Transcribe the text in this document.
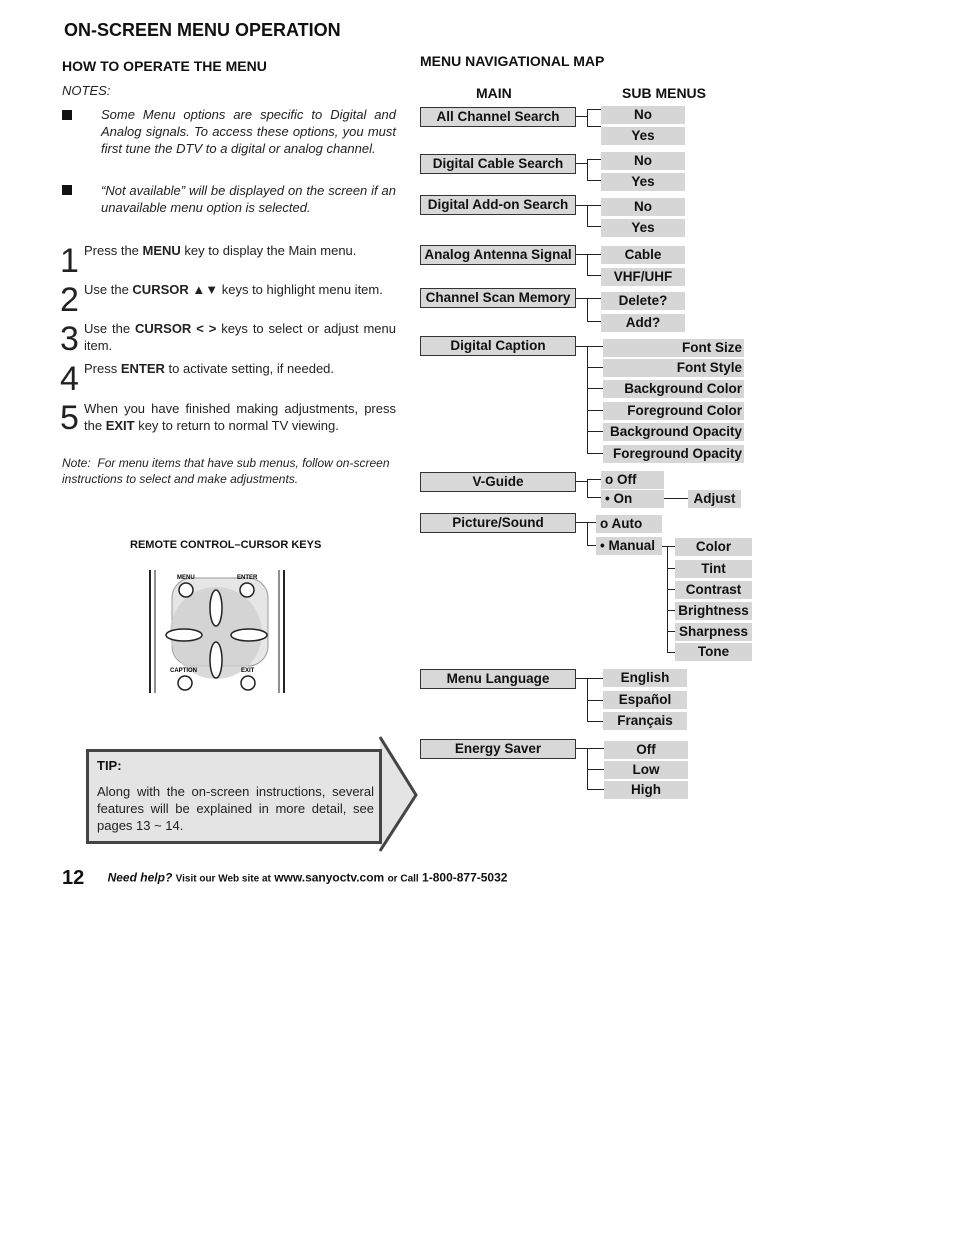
ON-SCREEN MENU OPERATION
HOW TO OPERATE THE MENU
NOTES:
Some Menu options are specific to Digital and Analog signals. To access these options, you must first tune the DTV to a digital or analog channel.
“Not available” will be displayed on the screen if an unavailable menu option is selected.
1 Press the MENU key to display the Main menu.
2 Use the CURSOR ▲▼ keys to highlight menu item.
3 Use the CURSOR < > keys to select or adjust menu item.
4 Press ENTER to activate setting, if needed.
5 When you have finished making adjustments, press the EXIT key to return to normal TV viewing.
Note: For menu items that have sub menus, follow on-screen instructions to select and make adjustments.
REMOTE CONTROL–CURSOR KEYS
MENU	ENTER
CAPTION	EXIT
TIP:
Along with the on-screen instructions, several features will be explained in more detail, see pages 13 ~ 14.
12 Need help? Visit our Web site at www.sanyoctv.com or Call 1-800-877-5032
MENU NAVIGATIONAL MAP
MAIN	SUB MENUS
All Channel Search	No
Yes
Digital Cable Search	No
Yes
Digital Add-on Search	No
Yes
Analog Antenna Signal	Cable
VHF/UHF
Channel Scan Memory	Delete?
Add?
Digital Caption	Font Size
Font Style
Background Color
Foreground Color
Background Opacity
Foreground Opacity
V-Guide	o Off
• On	Adjust
Picture/Sound	o Auto
• Manual	Color
Tint
Contrast
Brightness
Sharpness
Tone
Menu Language	English
Español
Français
Energy Saver	Off
Low
High
